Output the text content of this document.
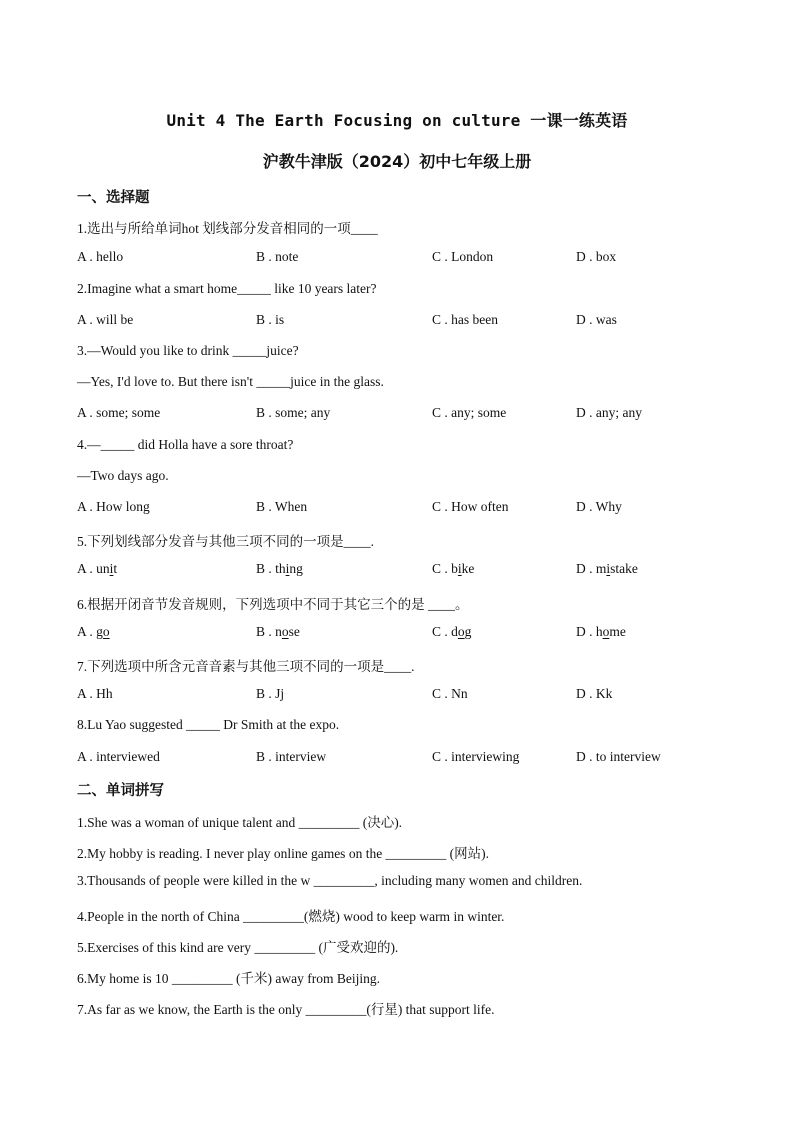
Unit 4 The Earth Focusing on culture 一课一练英语
沪教牛津版（2024）初中七年级上册
一、选择题
1.选出与所给单词hot 划线部分发音相同的一项____
A . hello	B . note	C . London	D . box
2.Imagine what a smart home_____ like 10 years later?
A . will be	B . is	C . has been	D . was
3.—Would you like to drink _____juice?
—Yes, I'd love to. But there isn't _____juice in the glass.
A . some; some	B . some; any	C . any; some	D . any; any
4.—_____ did Holla have a sore throat?
—Two days ago.
A . How long	B . When	C . How often	D . Why
5.下列划线部分发音与其他三项不同的一项是____.
A . unit	B . thing	C . bike	D . mistake
6.根据开闭音节发音规则，下列选项中不同于其它三个的是 ____。
A . go	B . nose	C . dog	D . home
7.下列选项中所含元音音素与其他三项不同的一项是____.
A . Hh	B . Jj	C . Nn	D . Kk
8.Lu Yao suggested _____ Dr Smith at the expo.
A . interviewed	B . interview	C . interviewing	D . to interview
二、单词拼写
1.She was a woman of unique talent and _________ (决心).
2.My hobby is reading. I never play online games on the _________ (网站).
3.Thousands of people were killed in the w _________, including many women and children.
4.People in the north of China _________(燃烧) wood to keep warm in winter.
5.Exercises of this kind are very _________ (广受欢迎的).
6.My home is 10 _________ (千米) away from Beijing.
7.As far as we know, the Earth is the only _________(行星) that support life.
